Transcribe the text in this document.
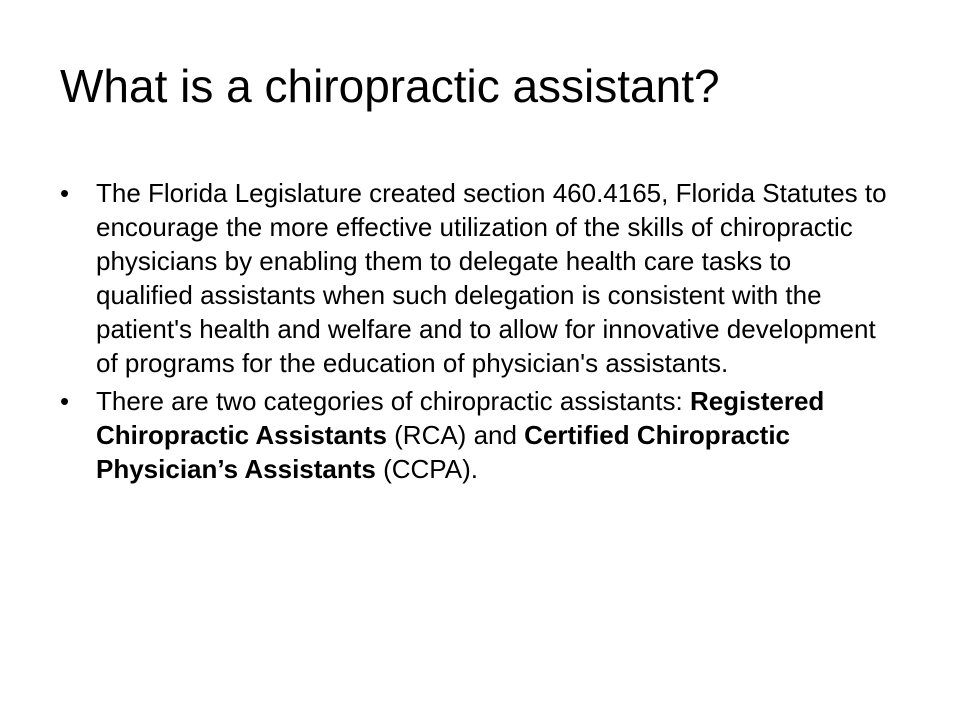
What is a chiropractic assistant?
•
The Florida Legislature created section 460.4165, Florida Statutes to encourage the more effective utilization of the skills of chiropractic physicians by enabling them to delegate health care tasks to qualified assistants when such delegation is consistent with the patient's health and welfare and to allow for innovative development of programs for the education of physician's assistants.
•
There are two categories of chiropractic assistants: Registered Chiropractic Assistants (RCA) and Certified Chiropractic Physician’s Assistants (CCPA).
